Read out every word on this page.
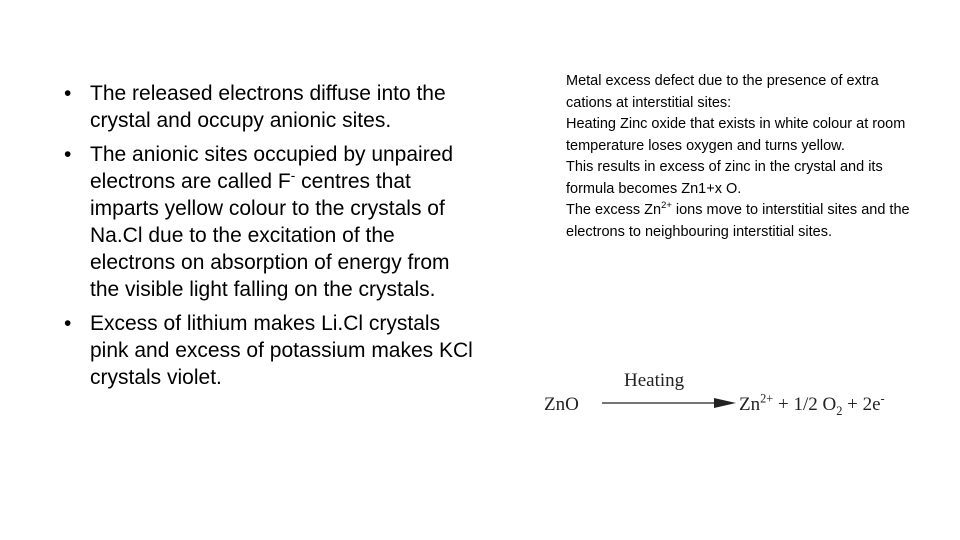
• The released electrons diffuse into the crystal and occupy anionic sites.
• The anionic sites occupied by unpaired electrons are called F- centres that imparts yellow colour to the crystals of Na.Cl due to the excitation of the electrons on absorption of energy from the visible light falling on the crystals.
• Excess of lithium makes Li.Cl crystals pink and excess of potassium makes KCl crystals violet.

Metal excess defect due to the presence of extra cations at interstitial sites:

Heating Zinc oxide that exists in white colour at room temperature loses oxygen and turns yellow.

This results in excess of zinc in the crystal and its formula becomes Zn1+x O.

The excess $Zn^{2+}$ ions move to interstitial sites and the electrons to neighbouring interstitial sites.

ZnO
Heating
$Zn^{2+} + 1/2$ $O_2 + 2e^-$
